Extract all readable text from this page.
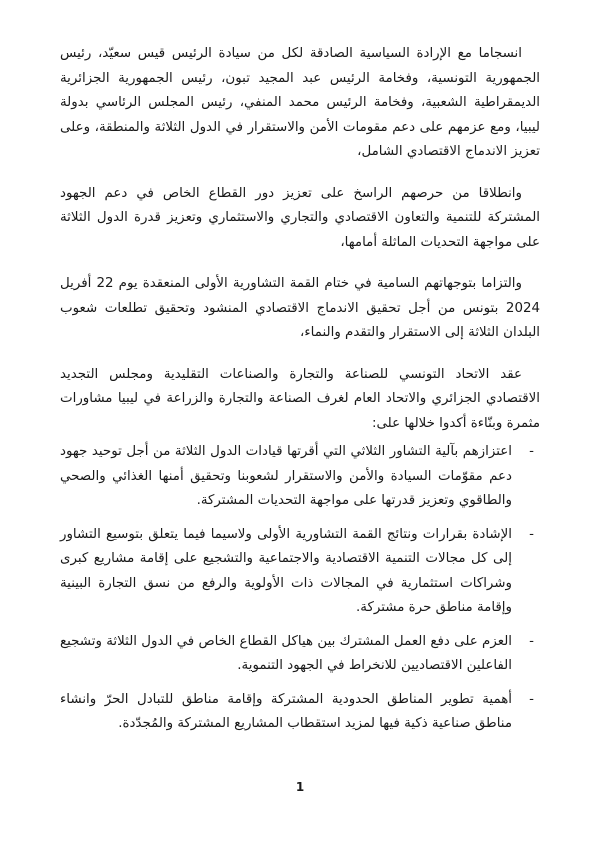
انسجاما مع الإرادة السياسية الصادقة لكل من سيادة الرئيس قيس سعيّد، رئيس الجمهورية التونسية، وفخامة الرئيس عبد المجيد تبون، رئيس الجمهورية الجزائرية الديمقراطية الشعبية، وفخامة الرئيس محمد المنفي، رئيس المجلس الرئاسي بدولة ليبيا، ومع عزمهم على دعم مقومات الأمن والاستقرار في الدول الثلاثة والمنطقة، وعلى تعزيز الاندماج الاقتصادي الشامل،

وانطلاقا من حرصهم الراسخ على تعزيز دور القطاع الخاص في دعم الجهود المشتركة للتنمية والتعاون الاقتصادي والتجاري والاستثماري وتعزيز قدرة الدول الثلاثة على مواجهة التحديات الماثلة أمامها،

والتزاما بتوجهاتهم السامية في ختام القمة التشاورية الأولى المنعقدة يوم 22 أفريل 2024 بتونس من أجل تحقيق الاندماج الاقتصادي المنشود وتحقيق تطلعات شعوب البلدان الثلاثة إلى الاستقرار والتقدم والنماء،

عقد الاتحاد التونسي للصناعة والتجارة والصناعات التقليدية ومجلس التجديد الاقتصادي الجزائري والاتحاد العام لغرف الصناعة والتجارة والزراعة في ليبيا مشاورات مثمرة وبنّاءة أكدوا خلالها على:

-
اعتزازهم بآلية التشاور الثلاثي التي أقرتها قيادات الدول الثلاثة من أجل توحيد جهود دعم مقوّمات السيادة والأمن والاستقرار لشعوبنا وتحقيق أمنها الغذائي والصحي والطاقوي وتعزيز قدرتها على مواجهة التحديات المشتركة.
-
الإشادة بقرارات ونتائج القمة التشاورية الأولى ولاسيما فيما يتعلق بتوسيع التشاور إلى كل مجالات التنمية الاقتصادية والاجتماعية والتشجيع على إقامة مشاريع كبرى وشراكات استثمارية في المجالات ذات الأولوية والرفع من نسق التجارة البينية وإقامة مناطق حرة مشتركة.
-
العزم على دفع العمل المشترك بين هياكل القطاع الخاص في الدول الثلاثة وتشجيع الفاعلين الاقتصاديين للانخراط في الجهود التنموية.
-
أهمية تطوير المناطق الحدودية المشتركة وإقامة مناطق للتبادل الحرّ وانشاء مناطق صناعية ذكية فيها لمزيد استقطاب المشاريع المشتركة والمُجدّدة.
1
